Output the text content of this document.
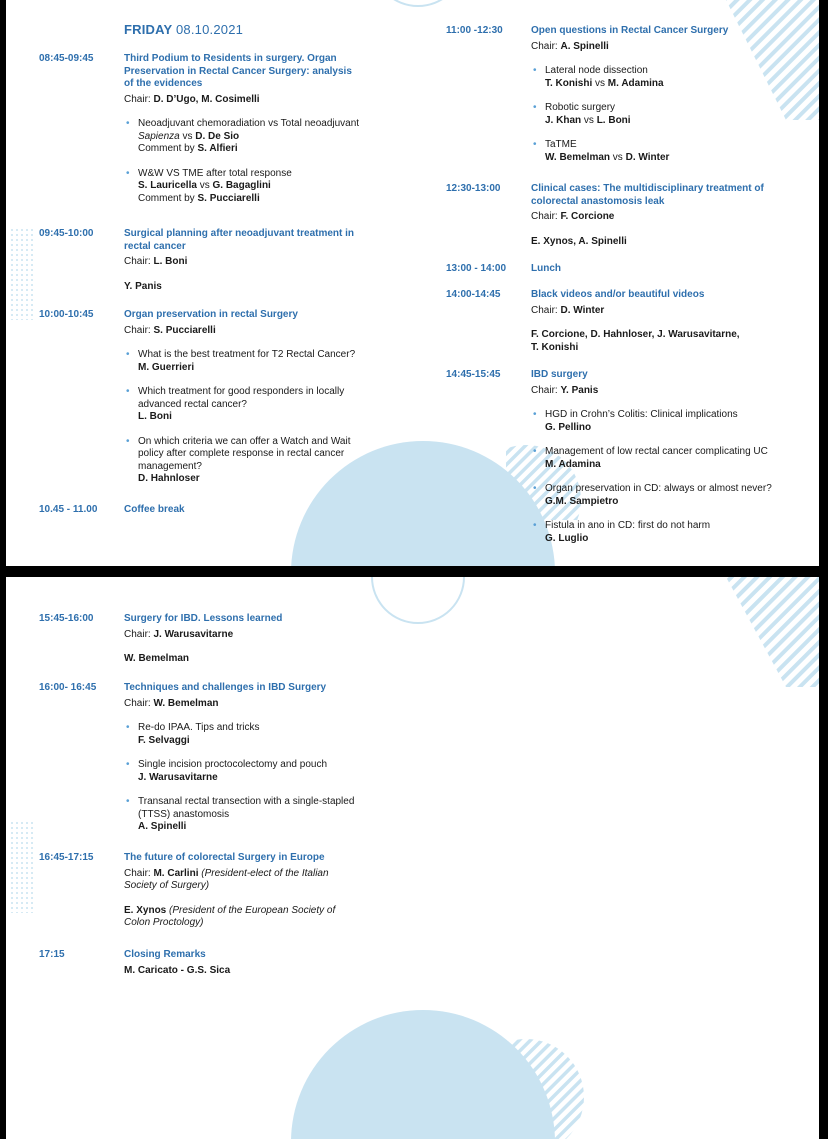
FRIDAY 08.10.2021
08:45-09:45	Third Podium to Residents in surgery. Organ Preservation in Rectal Cancer Surgery: analysis of the evidences
Chair: D. D’Ugo, M. Cosimelli
• Neoadjuvant chemoradiation vs Total neoadjuvant
Sapienza vs D. De Sio
Comment by S. Alfieri
• W&W VS TME after total response
S. Lauricella vs G. Bagaglini
Comment by S. Pucciarelli
09:45-10:00	Surgical planning after neoadjuvant treatment in rectal cancer
Chair: L. Boni
Y. Panis
10:00-10:45	Organ preservation in rectal Surgery
Chair: S. Pucciarelli
• What is the best treatment for T2 Rectal Cancer?
M. Guerrieri
• Which treatment for good responders in locally advanced rectal cancer?
L. Boni
• On which criteria we can offer a Watch and Wait policy after complete response in rectal cancer management?
D. Hahnloser
10.45 - 11.00	Coffee break
11:00 -12:30	Open questions in Rectal Cancer Surgery
Chair: A. Spinelli
• Lateral node dissection
T. Konishi vs M. Adamina
• Robotic surgery
J. Khan vs L. Boni
• TaTME
W. Bemelman vs D. Winter
12:30-13:00	Clinical cases: The multidisciplinary treatment of colorectal anastomosis leak
Chair: F. Corcione
E. Xynos, A. Spinelli
13:00 - 14:00 Lunch
14:00-14:45	Black videos and/or beautiful videos
Chair: D. Winter
F. Corcione, D. Hahnloser, J. Warusavitarne,
T. Konishi
14:45-15:45	IBD surgery
Chair: Y. Panis
• HGD in Crohn’s Colitis: Clinical implications
G. Pellino
• Management of low rectal cancer complicating UC
M. Adamina
• Organ preservation in CD: always or almost never?
G.M. Sampietro
• Fistula in ano in CD: first do not harm
G. Luglio
15:45-16:00	Surgery for IBD. Lessons learned
Chair: J. Warusavitarne
W. Bemelman
16:00- 16:45	Techniques and challenges in IBD Surgery
Chair: W. Bemelman
• Re-do IPAA. Tips and tricks
F. Selvaggi
• Single incision proctocolectomy and pouch
J. Warusavitarne
• Transanal rectal transection with a single-stapled (TTSS) anastomosis
A. Spinelli
16:45-17:15	The future of colorectal Surgery in Europe
Chair: M. Carlini (President-elect of the Italian Society of Surgery)
E. Xynos (President of the European Society of Colon Proctology)
17:15	Closing Remarks
M. Caricato - G.S. Sica
